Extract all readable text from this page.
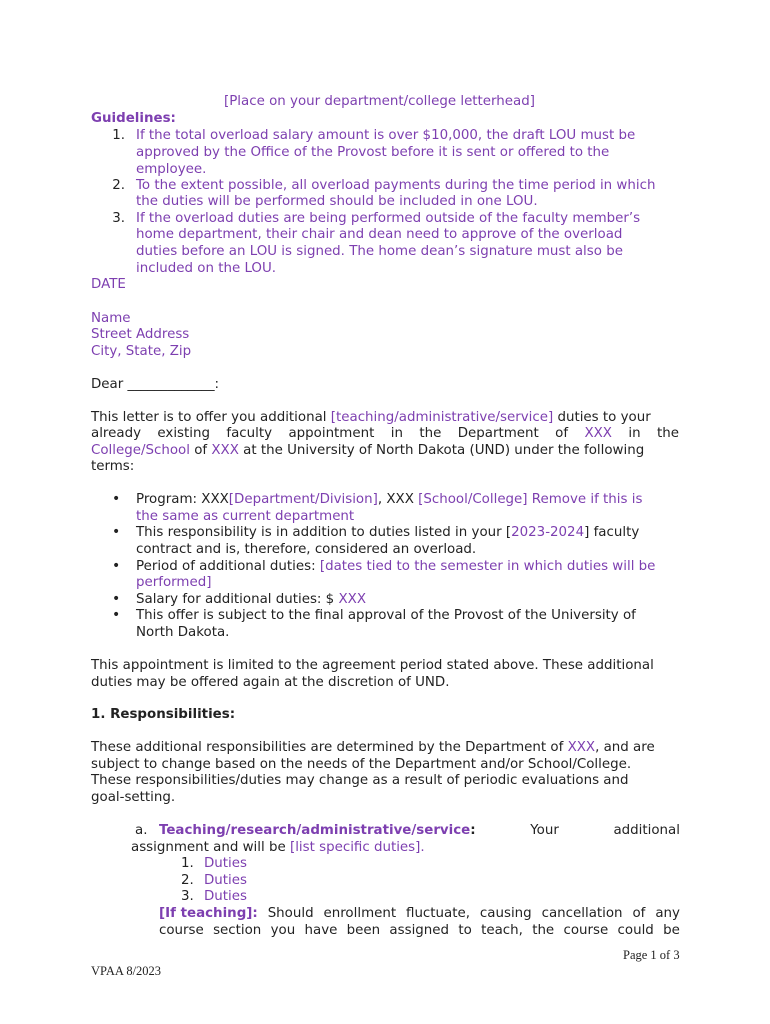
[Place on your department/college letterhead]
Guidelines:
1. If the total overload salary amount is over $10,000, the draft LOU must be
approved by the Office of the Provost before it is sent or offered to the
employee.
2. To the extent possible, all overload payments during the time period in which
the duties will be performed should be included in one LOU.
3. If the overload duties are being performed outside of the faculty member’s
home department, their chair and dean need to approve of the overload
duties before an LOU is signed. The home dean’s signature must also be
included on the LOU.
DATE
Name
Street Address
City, State, Zip
Dear _____________:
This letter is to offer you additional [teaching/administrative/service] duties to your
already existing faculty appointment in the Department of XXX in the
College/School of XXX at the University of North Dakota (UND) under the following
terms:
• Program: XXX[Department/Division], XXX [School/College] Remove if this is
the same as current department
• This responsibility is in addition to duties listed in your [2023-2024] faculty
contract and is, therefore, considered an overload.
• Period of additional duties: [dates tied to the semester in which duties will be
performed]
• Salary for additional duties: $ XXX
• This offer is subject to the final approval of the Provost of the University of
North Dakota.
This appointment is limited to the agreement period stated above. These additional
duties may be offered again at the discretion of UND.
1. Responsibilities:
These additional responsibilities are determined by the Department of XXX, and are
subject to change based on the needs of the Department and/or School/College.
These responsibilities/duties may change as a result of periodic evaluations and
goal-setting.
a. Teaching/research/administrative/service:	Your	additional
assignment and will be [list specific duties].
1. Duties
2. Duties
3. Duties
[If teaching]: Should enrollment fluctuate, causing cancellation of any
course section you have been assigned to teach, the course could be
Page 1 of 3
VPAA 8/2023
